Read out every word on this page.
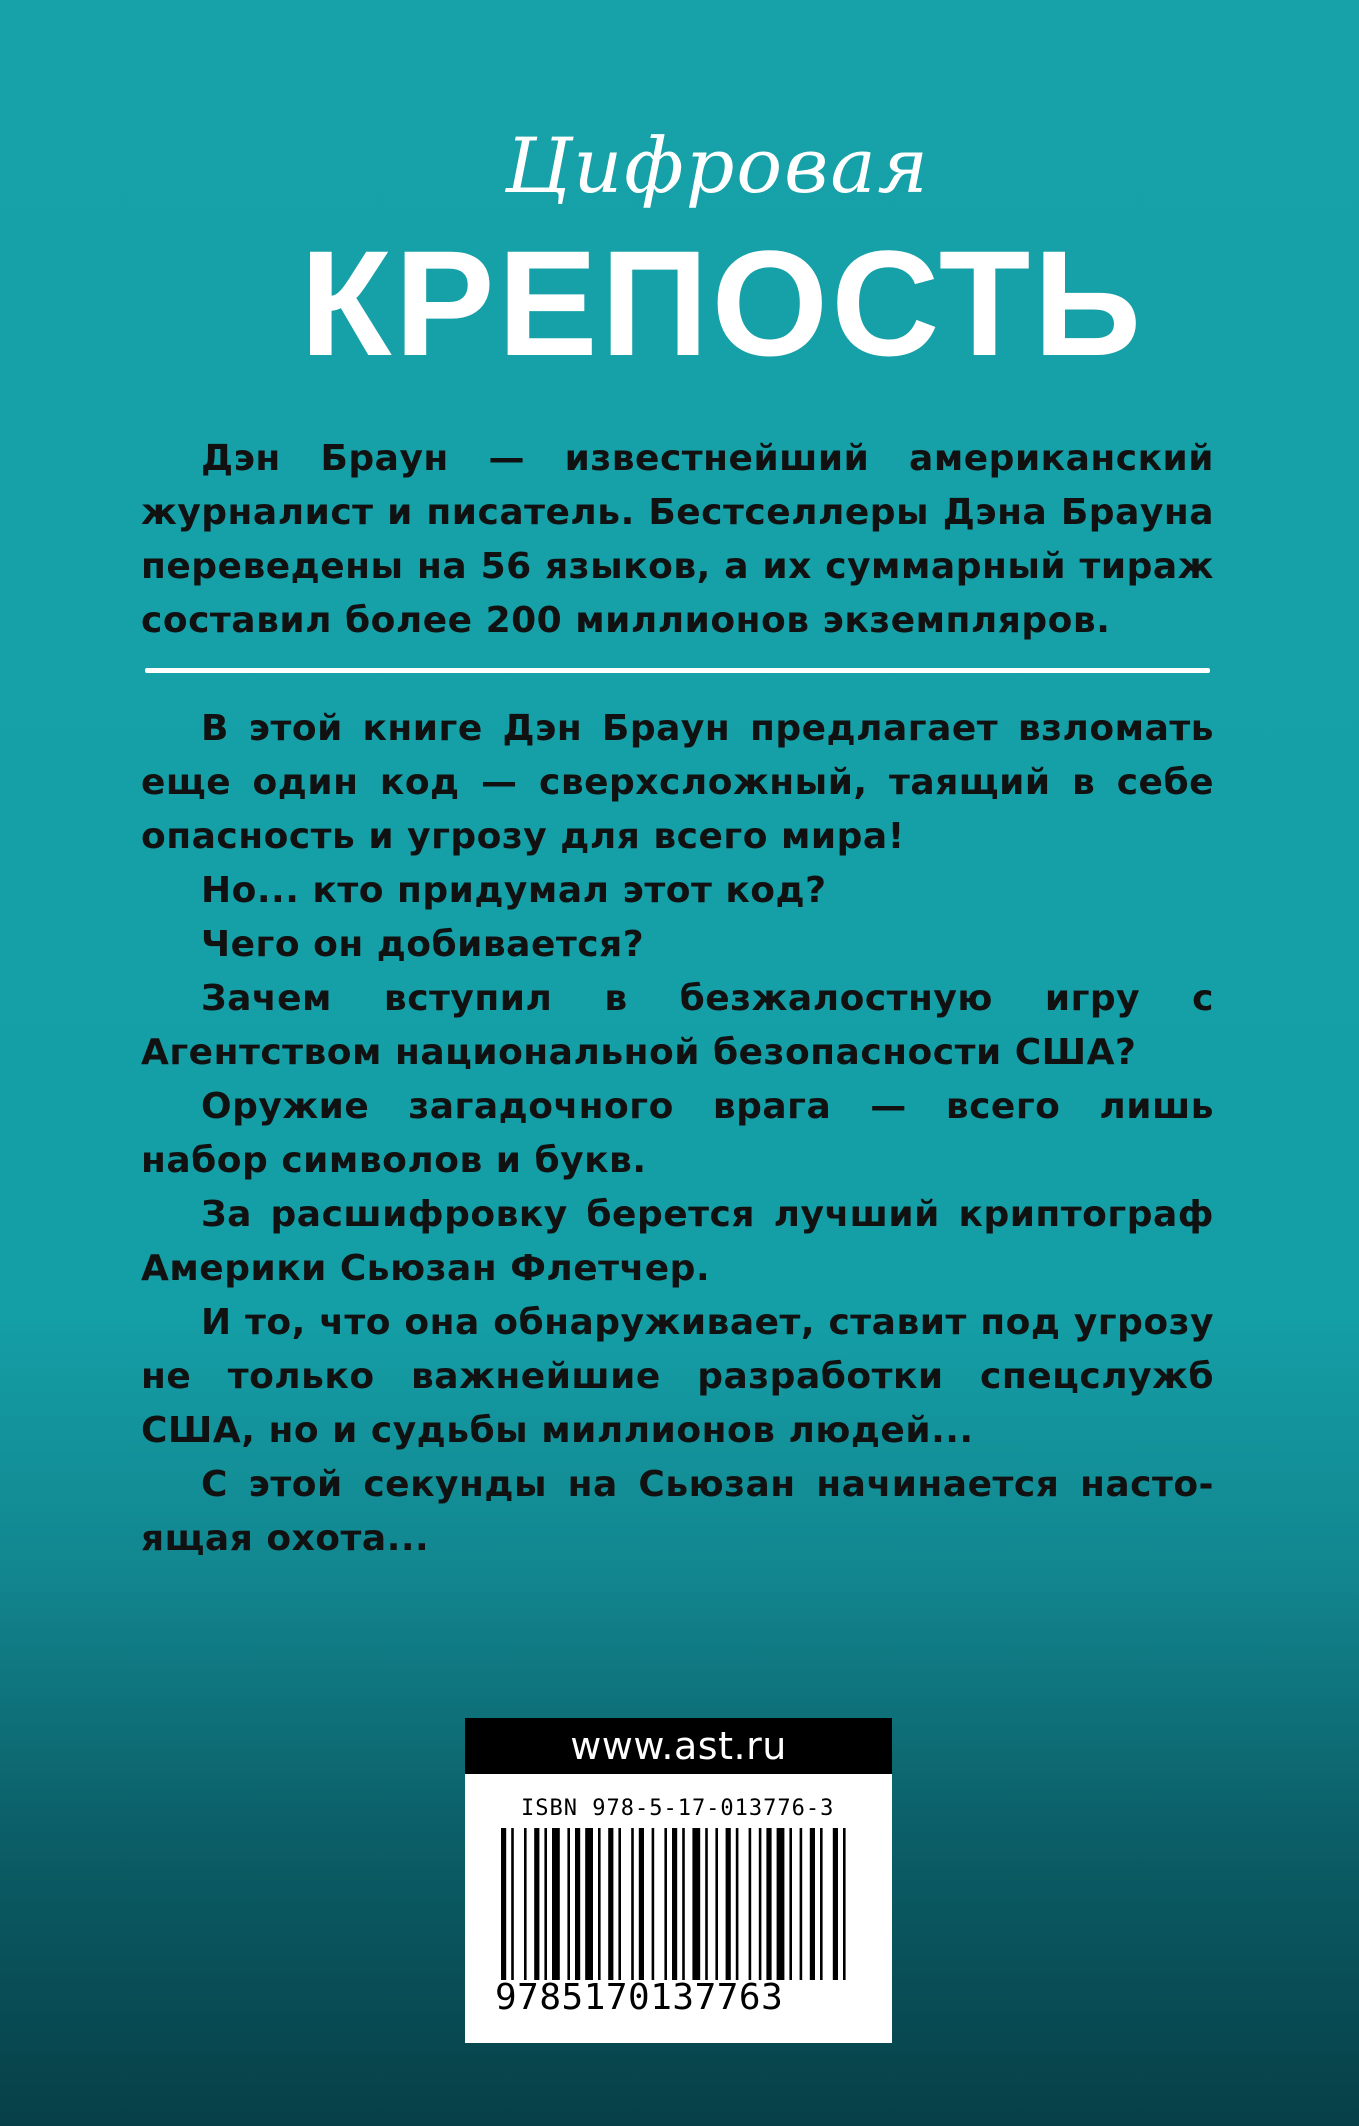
Цифровая
КРЕПОСТЬ

Дэн Браун — известнейший американский журналист и писатель. Бестселлеры Дэна Брауна переведены на 56 языков, а их суммарный тираж составил более 200 миллионов экземпляров.

В этой книге Дэн Браун предлагает взломать еще один код — сверхсложный, таящий в себе опасность и угрозу для всего мира!

Но... кто придумал этот код?

Чего он добивается?

Зачем вступил в безжалостную игру с Агентством национальной безопасности США?

Оружие загадочного врага — всего лишь набор символов и букв.

За расшифровку берется лучший криптограф Америки Сьюзан Флетчер.

И то, что она обнаруживает, ставит под угрозу не только важнейшие разработки спецслужб США, но и судьбы миллионов людей...

С этой секунды на Сьюзан начинается насто-ящая охота...

www.ast.ru
ISBN 978-5-17-013776-3
9785170137763
